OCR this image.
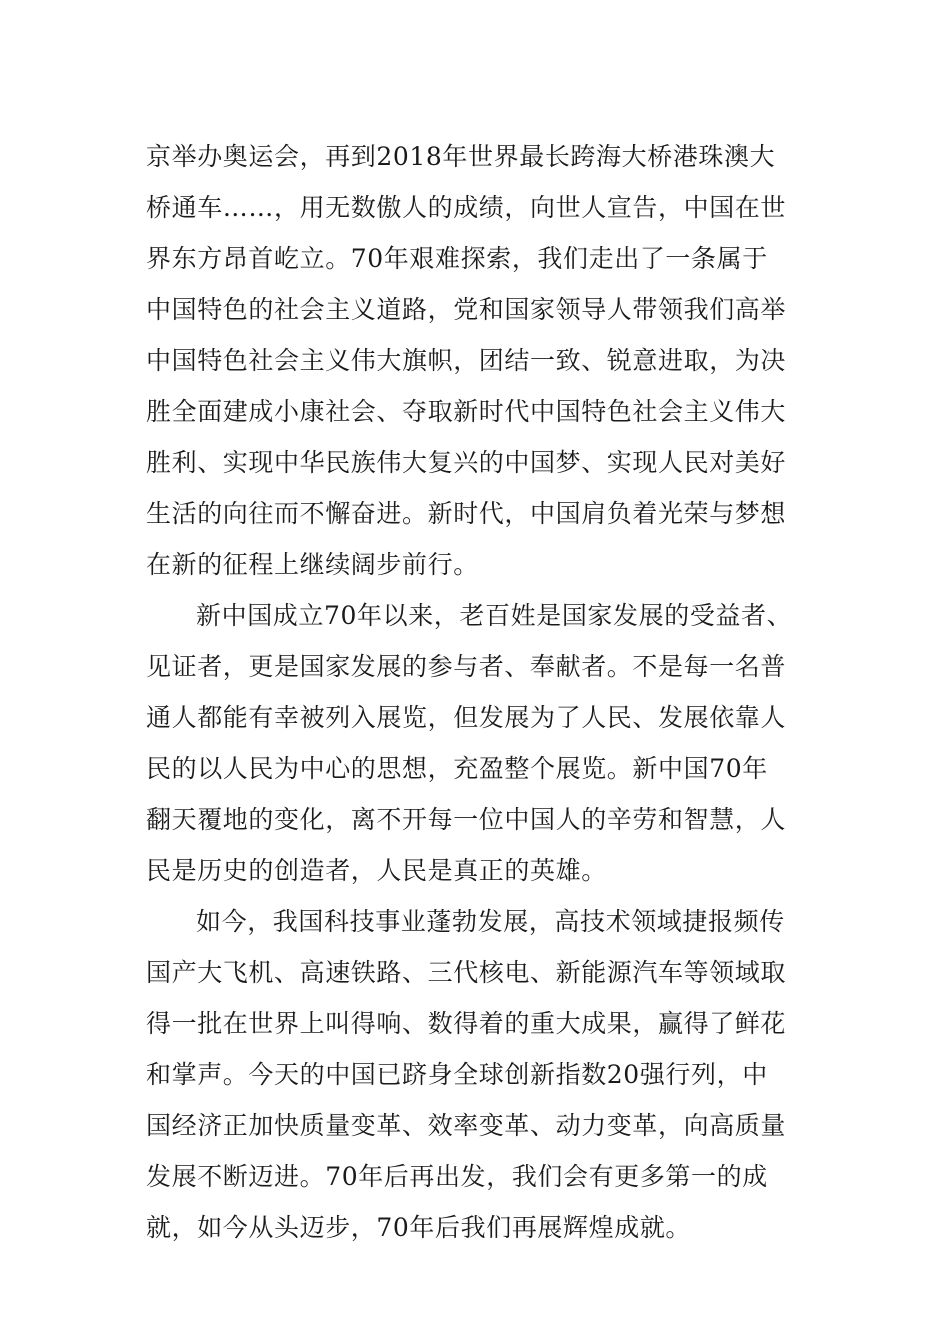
京举办奥运会，再到2018年世界最长跨海大桥港珠澳大
桥通车……，用无数傲人的成绩，向世人宣告，中国在世
界东方昂首屹立。70年艰难探索，我们走出了一条属于
中国特色的社会主义道路，党和国家领导人带领我们高举
中国特色社会主义伟大旗帜，团结一致、锐意进取，为决
胜全面建成小康社会、夺取新时代中国特色社会主义伟大
胜利、实现中华民族伟大复兴的中国梦、实现人民对美好
生活的向往而不懈奋进。新时代，中国肩负着光荣与梦想
在新的征程上继续阔步前行。
新中国成立70年以来，老百姓是国家发展的受益者、
见证者，更是国家发展的参与者、奉献者。不是每一名普
通人都能有幸被列入展览，但发展为了人民、发展依靠人
民的以人民为中心的思想，充盈整个展览。新中国70年
翻天覆地的变化，离不开每一位中国人的辛劳和智慧，人
民是历史的创造者，人民是真正的英雄。
如今，我国科技事业蓬勃发展，高技术领域捷报频传
国产大飞机、高速铁路、三代核电、新能源汽车等领域取
得一批在世界上叫得响、数得着的重大成果，赢得了鲜花
和掌声。今天的中国已跻身全球创新指数20强行列，中
国经济正加快质量变革、效率变革、动力变革，向高质量
发展不断迈进。70年后再出发，我们会有更多第一的成
就，如今从头迈步，70年后我们再展辉煌成就。
